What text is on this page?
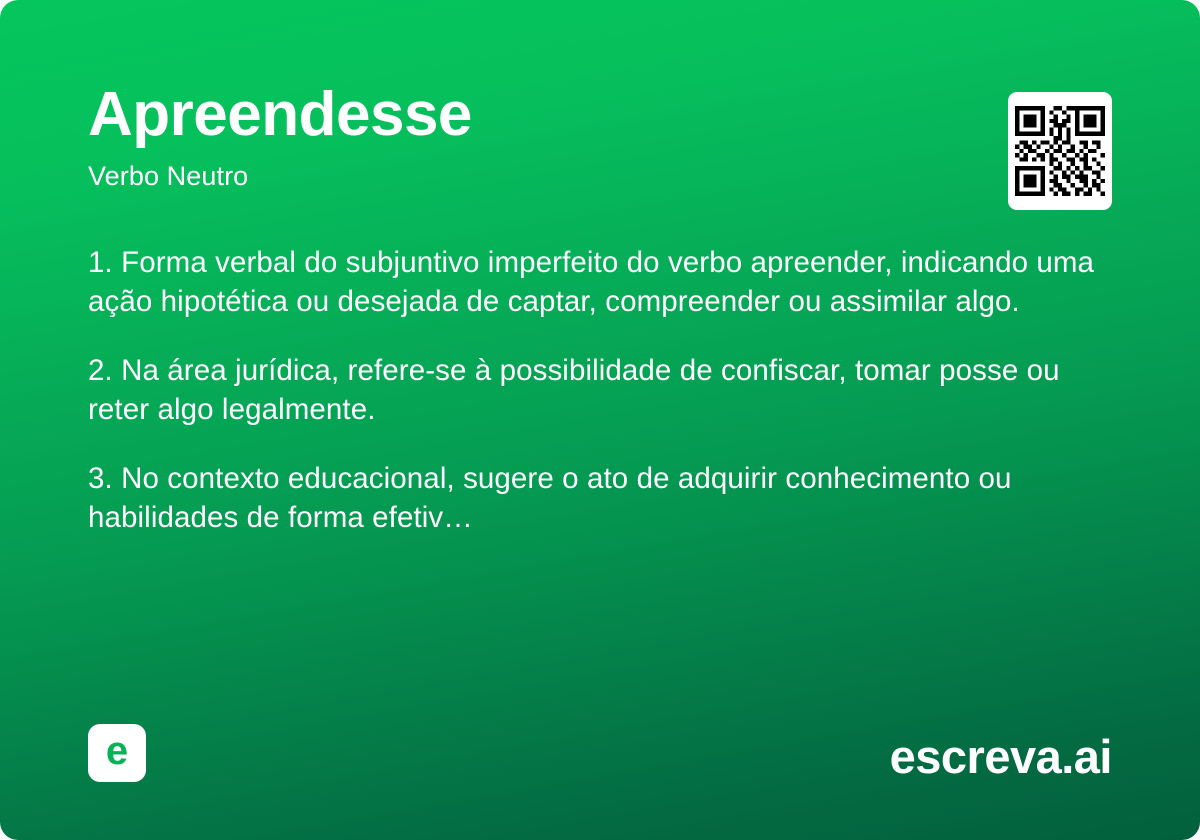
Apreendesse
Verbo Neutro

1. Forma verbal do subjuntivo imperfeito do verbo apreender, indicando uma ação hipotética ou desejada de captar, compreender ou assimilar algo.

2. Na área jurídica, refere-se à possibilidade de confiscar, tomar posse ou reter algo legalmente.

3. No contexto educacional, sugere o ato de adquirir conhecimento ou habilidades de forma efetiv…

e	escreva.ai
